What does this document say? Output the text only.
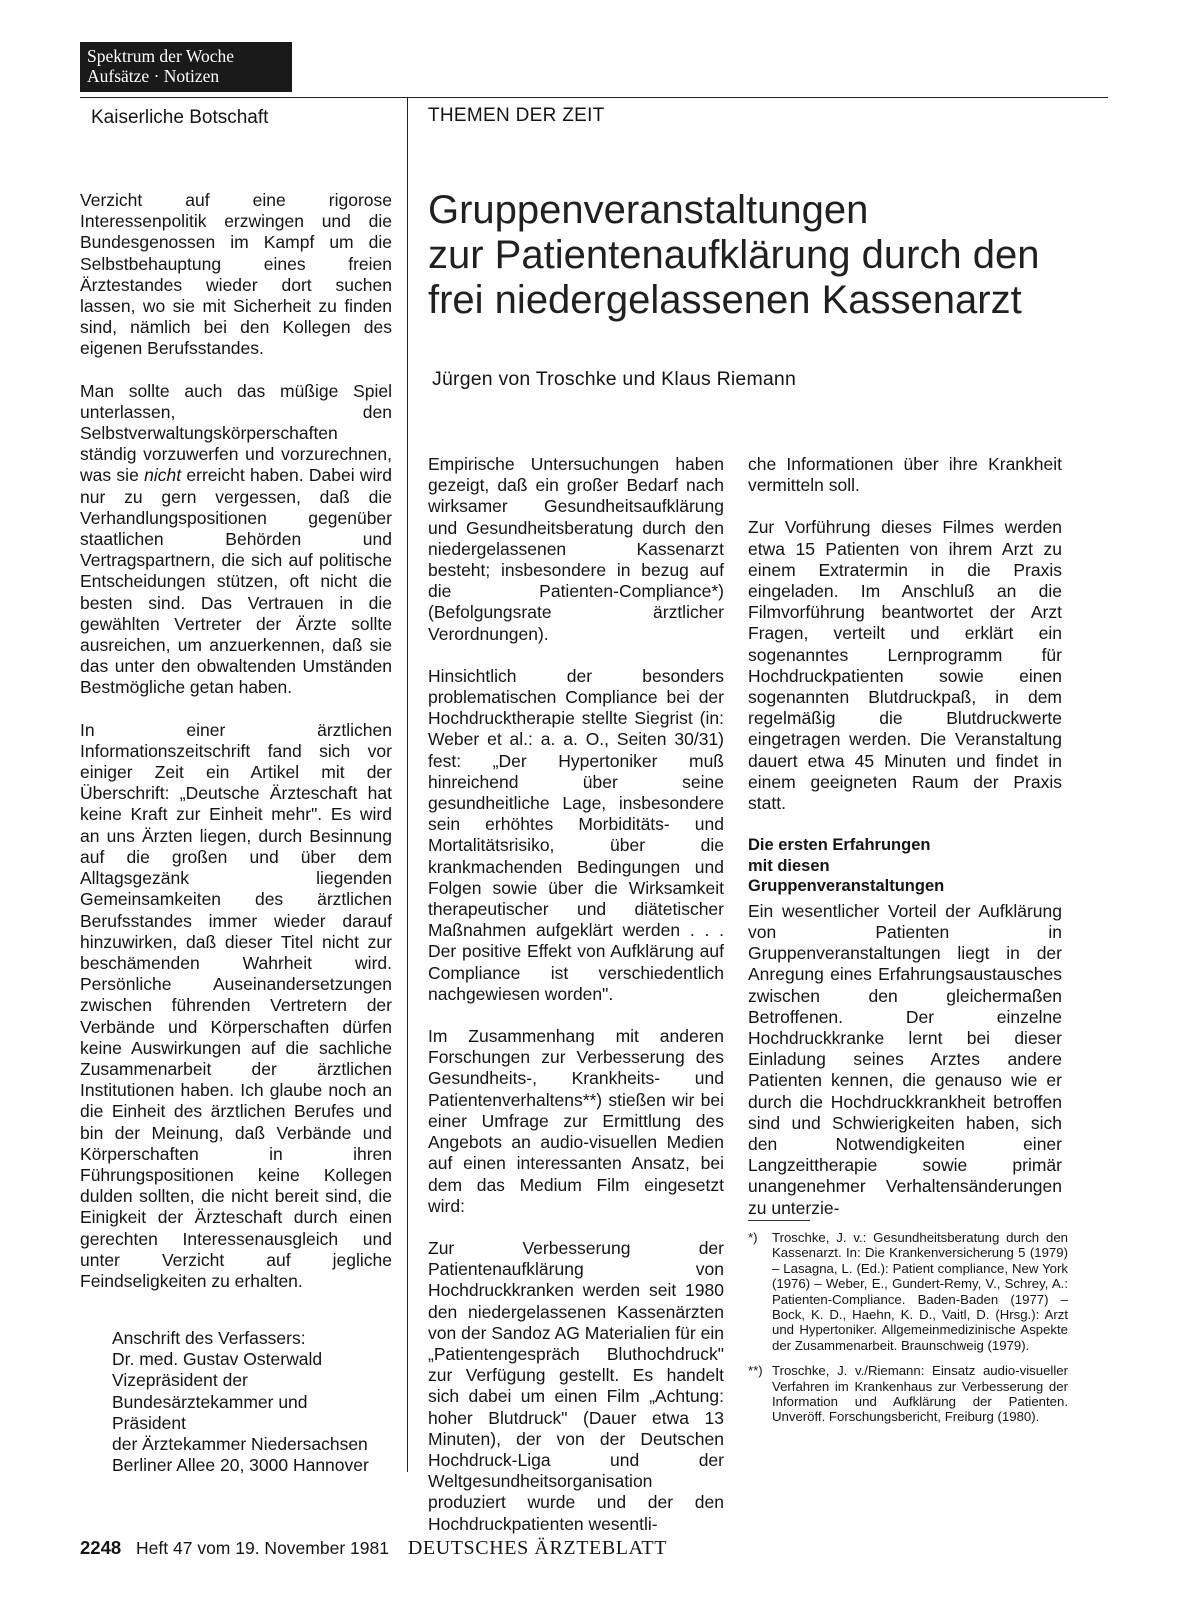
Spektrum der Woche
Aufsätze · Notizen
Kaiserliche Botschaft	THEMEN DER ZEIT
Gruppenveranstaltungen
zur Patientenaufklärung durch den
frei niedergelassenen Kassenarzt
Jürgen von Troschke und Klaus Riemann

Verzicht auf eine rigorose Interessenpolitik erzwingen und die Bundesgenossen im Kampf um die Selbstbehauptung eines freien Ärztestandes wieder dort suchen lassen, wo sie mit Sicherheit zu finden sind, nämlich bei den Kollegen des eigenen Berufsstandes.

Man sollte auch das müßige Spiel unterlassen, den Selbstverwaltungskörperschaften ständig vorzuwerfen und vorzurechnen, was sie nicht erreicht haben. Dabei wird nur zu gern vergessen, daß die Verhandlungspositionen gegenüber staatlichen Behörden und Vertragspartnern, die sich auf politische Entscheidungen stützen, oft nicht die besten sind. Das Vertrauen in die gewählten Vertreter der Ärzte sollte ausreichen, um anzuerkennen, daß sie das unter den obwaltenden Umständen Bestmögliche getan haben.

In einer ärztlichen Informationszeitschrift fand sich vor einiger Zeit ein Artikel mit der Überschrift: „Deutsche Ärzteschaft hat keine Kraft zur Einheit mehr". Es wird an uns Ärzten liegen, durch Besinnung auf die großen und über dem Alltagsgezänk liegenden Gemeinsamkeiten des ärztlichen Berufsstandes immer wieder darauf hinzuwirken, daß dieser Titel nicht zur beschämenden Wahrheit wird. Persönliche Auseinandersetzungen zwischen führenden Vertretern der Verbände und Körperschaften dürfen keine Auswirkungen auf die sachliche Zusammenarbeit der ärztlichen Institutionen haben. Ich glaube noch an die Einheit des ärztlichen Berufes und bin der Meinung, daß Verbände und Körperschaften in ihren Führungspositionen keine Kollegen dulden sollten, die nicht bereit sind, die Einigkeit der Ärzteschaft durch einen gerechten Interessenausgleich und unter Verzicht auf jegliche Feindseligkeiten zu erhalten.

Anschrift des Verfassers:
Dr. med. Gustav Osterwald
Vizepräsident der
Bundesärztekammer und
Präsident
der Ärztekammer Niedersachsen
Berliner Allee 20, 3000 Hannover

Empirische Untersuchungen haben gezeigt, daß ein großer Bedarf nach wirksamer Gesundheitsaufklärung und Gesundheitsberatung durch den niedergelassenen Kassenarzt besteht; insbesondere in bezug auf die Patienten-Compliance*) (Befolgungsrate ärztlicher Verordnungen).

Hinsichtlich der besonders problematischen Compliance bei der Hochdrucktherapie stellte Siegrist (in: Weber et al.: a. a. O., Seiten 30/31) fest: „Der Hypertoniker muß hinreichend über seine gesundheitliche Lage, insbesondere sein erhöhtes Morbiditäts- und Mortalitätsrisiko, über die krankmachenden Bedingungen und Folgen sowie über die Wirksamkeit therapeutischer und diätetischer Maßnahmen aufgeklärt werden . . . Der positive Effekt von Aufklärung auf Compliance ist verschiedentlich nachgewiesen worden".

Im Zusammenhang mit anderen Forschungen zur Verbesserung des Gesundheits-, Krankheits- und Patientenverhaltens**) stießen wir bei einer Umfrage zur Ermittlung des Angebots an audio-visuellen Medien auf einen interessanten Ansatz, bei dem das Medium Film eingesetzt wird:

Zur Verbesserung der Patientenaufklärung von Hochdruckkranken werden seit 1980 den niedergelassenen Kassenärzten von der Sandoz AG Materialien für ein „Patientengespräch Bluthochdruck" zur Verfügung gestellt. Es handelt sich dabei um einen Film „Achtung: hoher Blutdruck" (Dauer etwa 13 Minuten), der von der Deutschen Hochdruck-Liga und der Weltgesundheitsorganisation produziert wurde und der den Hochdruckpatienten wesentli-

che Informationen über ihre Krankheit vermitteln soll.

Zur Vorführung dieses Filmes werden etwa 15 Patienten von ihrem Arzt zu einem Extratermin in die Praxis eingeladen. Im Anschluß an die Filmvorführung beantwortet der Arzt Fragen, verteilt und erklärt ein sogenanntes Lernprogramm für Hochdruckpatienten sowie einen sogenannten Blutdruckpaß, in dem regelmäßig die Blutdruckwerte eingetragen werden. Die Veranstaltung dauert etwa 45 Minuten und findet in einem geeigneten Raum der Praxis statt.

Die ersten Erfahrungen
mit diesen
Gruppenveranstaltungen

Ein wesentlicher Vorteil der Aufklärung von Patienten in Gruppenveranstaltungen liegt in der Anregung eines Erfahrungsaustausches zwischen den gleichermaßen Betroffenen. Der einzelne Hochdruckkranke lernt bei dieser Einladung seines Arztes andere Patienten kennen, die genauso wie er durch die Hochdruckkrankheit betroffen sind und Schwierigkeiten haben, sich den Notwendigkeiten einer Langzeittherapie sowie primär unangenehmer Verhaltensänderungen zu unterzie-

*)	Troschke, J. v.: Gesundheitsberatung durch den Kassenarzt. In: Die Krankenversicherung 5 (1979) – Lasagna, L. (Ed.): Patient compliance, New York (1976) – Weber, E., Gundert-Remy, V., Schrey, A.: Patienten-Compliance. Baden-Baden (1977) – Bock, K. D., Haehn, K. D., Vaitl, D. (Hrsg.): Arzt und Hypertoniker. Allgemeinmedizinische Aspekte der Zusammenarbeit. Braunschweig (1979).
**) Troschke, J. v./Riemann: Einsatz audio-visueller Verfahren im Krankenhaus zur Verbesserung der Information und Aufklärung der Patienten. Unveröff. Forschungsbericht, Freiburg (1980).
2248 Heft 47 vom 19. November 1981 DEUTSCHES ÄRZTEBLATT
